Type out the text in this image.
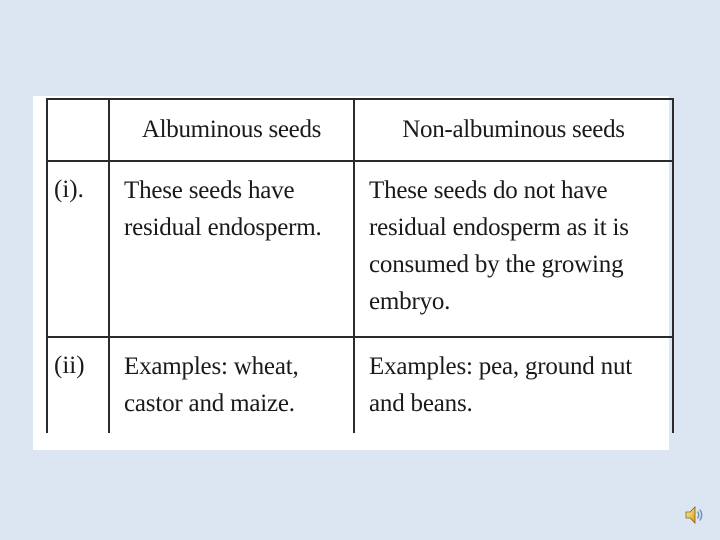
	Albuminous seeds	Non-albuminous seeds

(i).	These seeds have residual endosperm.	These seeds do not have residual endosperm as it is consumed by the growing embryo.

(ii)	Examples: wheat, castor and maize.	Examples: pea, ground nut and beans.
